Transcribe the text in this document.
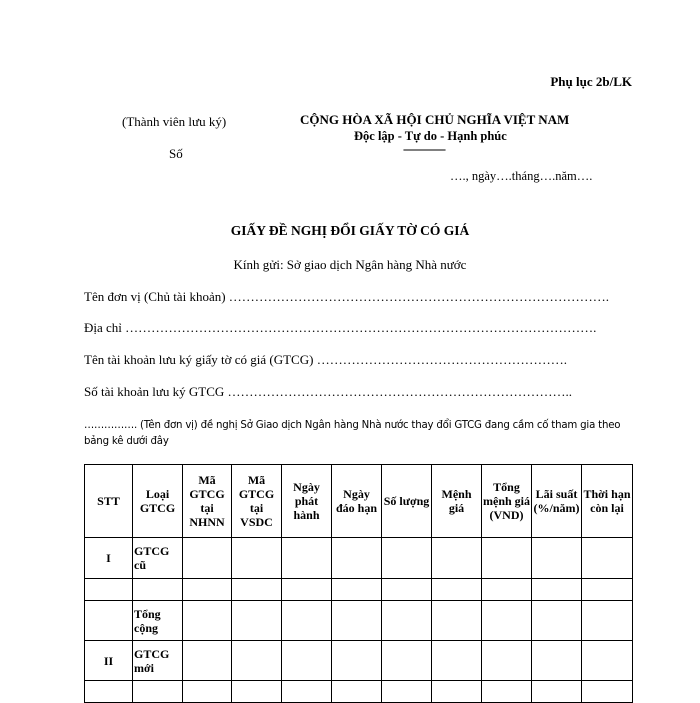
Phụ lục 2b/LK
(Thành viên lưu ký)
Số
CỘNG HÒA XÃ HỘI CHỦ NGHĨA VIỆT NAM
Độc lập - Tự do - Hạnh phúc
--------------
…., ngày….tháng….năm….
GIẤY ĐỀ NGHỊ ĐỔI GIẤY TỜ CÓ GIÁ
Kính gửi: Sở giao dịch Ngân hàng Nhà nước
Tên đơn vị (Chủ tài khoản) …………………………………………………………………………….
Địa chỉ ……………………………………………………………………………………………….
Tên tài khoản lưu ký giấy tờ có giá (GTCG) ………………………………………………….
Số tài khoản lưu ký GTCG ……………………………………………………………………..
……………. (Tên đơn vị) đề nghị Sở Giao dịch Ngân hàng Nhà nước thay đổi GTCG đang cầm cố tham gia theo bảng kê dưới đây
STT	Loại GTCG	Mã GTCG tại NHNN	Mã GTCG tại VSDC	Ngày phát hành	Ngày đáo hạn	Số lượng	Mệnh giá	Tổng mệnh giá (VND)	Lãi suất (%/năm)	Thời hạn còn lại
I	GTCG cũ									

	Tổng cộng									
II	GTCG mới									
